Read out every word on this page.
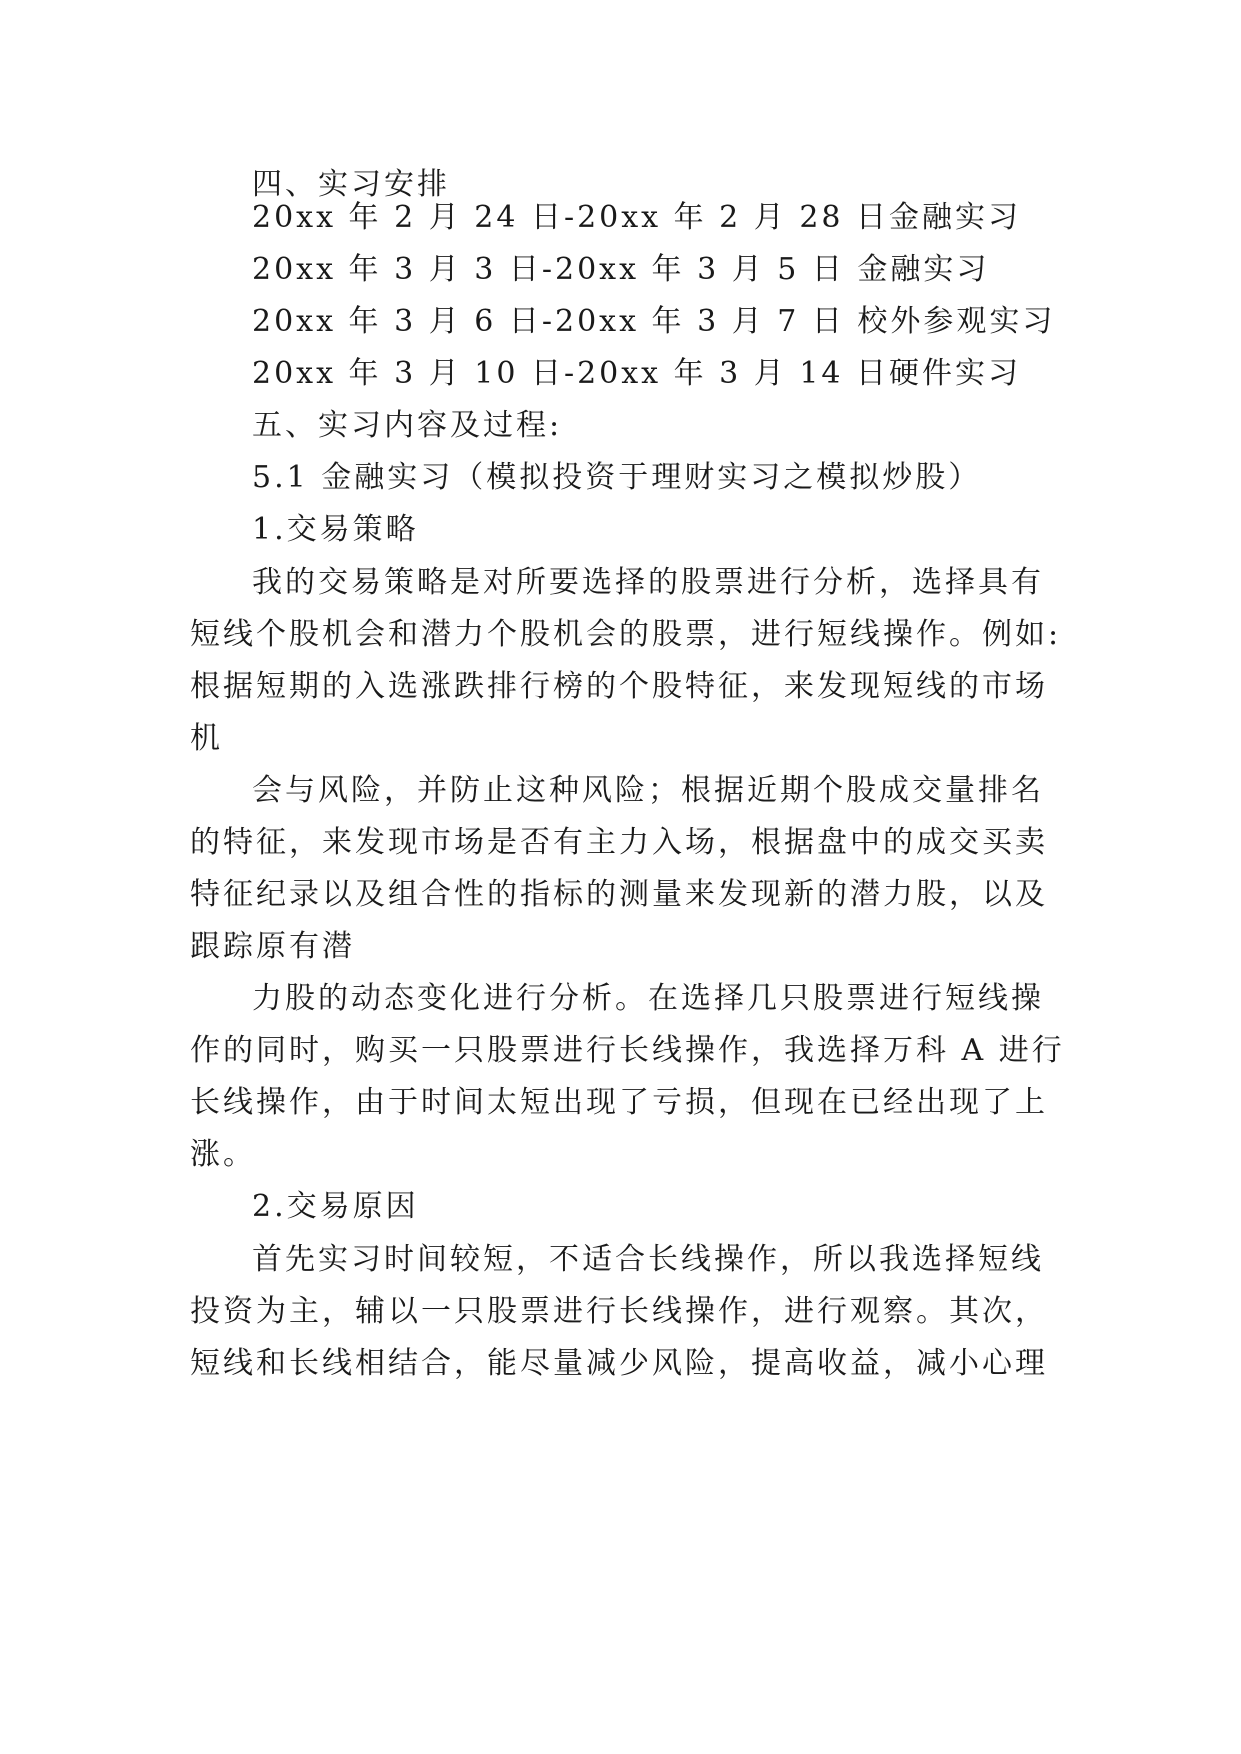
四、实习安排
20xx 年 2 月 24 日-20xx 年 2 月 28 日金融实习
20xx 年 3 月 3 日-20xx 年 3 月 5 日 金融实习
20xx 年 3 月 6 日-20xx 年 3 月 7 日 校外参观实习
20xx 年 3 月 10 日-20xx 年 3 月 14 日硬件实习
五、实习内容及过程:
5.1 金融实习（模拟投资于理财实习之模拟炒股）
1.交易策略
我的交易策略是对所要选择的股票进行分析，选择具有
短线个股机会和潜力个股机会的股票，进行短线操作。例如:
根据短期的入选涨跌排行榜的个股特征，来发现短线的市场
机
会与风险，并防止这种风险；根据近期个股成交量排名
的特征，来发现市场是否有主力入场，根据盘中的成交买卖
特征纪录以及组合性的指标的测量来发现新的潜力股，以及
跟踪原有潜
力股的动态变化进行分析。在选择几只股票进行短线操
作的同时，购买一只股票进行长线操作，我选择万科 A 进行
长线操作，由于时间太短出现了亏损，但现在已经出现了上
涨。
2.交易原因
首先实习时间较短，不适合长线操作，所以我选择短线
投资为主，辅以一只股票进行长线操作，进行观察。其次，
短线和长线相结合，能尽量减少风险，提高收益，减小心理
